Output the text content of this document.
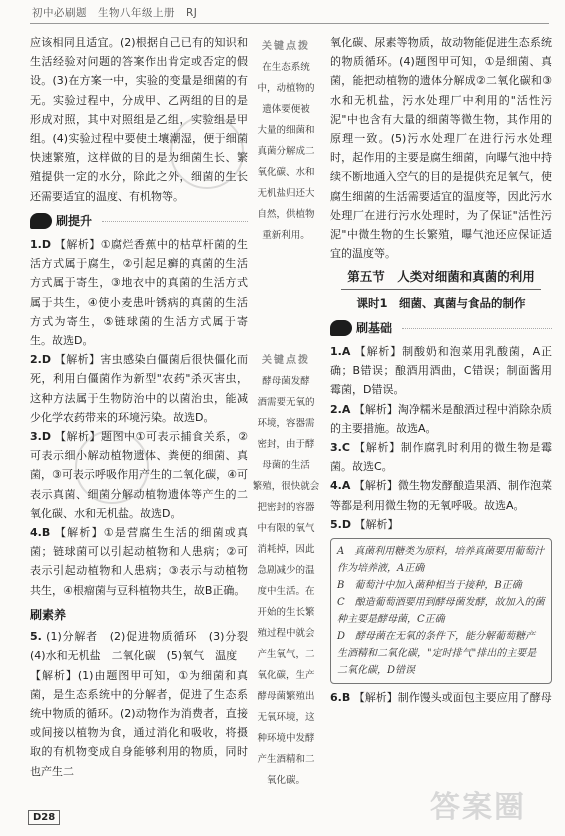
初中必刷题　生物八年级上册　RJ

应该相同且适宜。(2)根据自己已有的知识和生活经验对问题的答案作出肯定或否定的假设。(3)在方案一中，实验的变量是细菌的有无。实验过程中，分成甲、乙两组的目的是形成对照，其中对照组是乙组，实验组是甲组。(4)实验过程中要使土壤潮湿，便于细菌快速繁殖，这样做的目的是为细菌生长、繁殖提供一定的水分，除此之外，细菌的生长还需要适宜的温度、有机物等。

刷提升

1.D 【解析】①腐烂香蕉中的枯草杆菌的生活方式属于腐生，②引起足癣的真菌的生活方式属于寄生，③地衣中的真菌的生活方式属于共生，④使小麦患叶锈病的真菌的生活方式为寄生，⑤链球菌的生活方式属于寄生。故选D。

2.D 【解析】害虫感染白僵菌后很快僵化而死，利用白僵菌作为新型"农药"杀灭害虫，这种方法属于生物防治中的以菌治虫，能减少化学农药带来的环境污染。故选D。

3.D 【解析】题图中①可表示捕食关系，②可表示细小解动植物遗体、粪便的细菌、真菌，③可表示呼吸作用产生的二氧化碳，④可表示真菌、细菌分解动植物遗体等产生的二氧化碳、水和无机盐。故选D。

4.B 【解析】①是营腐生生活的细菌或真菌；链球菌可以引起动植物和人患病；②可表示引起动植物和人患病；③表示与动植物共生，④根瘤菌与豆科植物共生，故B正确。

刷素养

5. (1)分解者　(2)促进物质循环　(3)分裂　(4)水和无机盐　二氧化碳　(5)氧气　温度

【解析】(1)由题图甲可知，①为细菌和真菌，是生态系统中的分解者，促进了生态系统中物质的循环。(2)动物作为消费者，直接或间接以植物为食，通过消化和吸收，将摄取的有机物变成自身能够利用的物质，同时也产生二

关键点拨
在生态系统
中，动植物的
遗体要便被
大量的细菌和
真菌分解成二
氧化碳、水和
无机盐归还大
自然，供植物
重新利用。
关键点拨
酵母菌发酵
酒需要无氧的
环境，容器需
密封，由于酵
母菌的生活
繁殖，很快就会
把密封的容器
中有限的氧气
消耗掉，因此
急剧减少的温
度中生活。在
开始的生长繁
殖过程中就会
产生氧气，二
氧化碳，生产
酵母菌繁殖出
无氧环境，这
种环境中发酵
产生酒精和二
氧化碳。

氧化碳、尿素等物质，故动物能促进生态系统的物质循环。(4)题图甲可知，①是细菌、真菌，能把动植物的遗体分解成②二氧化碳和③水和无机盐，污水处理厂中利用的"活性污泥"中也含有大量的细菌等微生物，其作用的原理一致。(5)污水处理厂在进行污水处理时，起作用的主要是腐生细菌，向曝气池中持续不断地通入空气的目的是提供充足氧气，使腐生细菌的生活需要适宜的温度等，因此污水处理厂在进行污水处理时，为了保证"活性污泥"中微生物的生长繁殖，曝气池还应保证适宜的温度等。

第五节　人类对细菌和真菌的利用
课时1　细菌、真菌与食品的制作
刷基础

1.A 【解析】制酸奶和泡菜用乳酸菌，A正确；B错误；酿酒用酒曲，C错误；制面酱用霉菌，D错误。

2.A 【解析】淘净糯米是酿酒过程中消除杂质的主要措施。故选A。

3.C 【解析】制作腐乳时利用的微生物是霉菌。故选C。

4.A 【解析】微生物发酵酿造果酒、制作泡菜等都是利用微生物的无氧呼吸。故选A。

5.D 【解析】

A　真菌利用糖类为原料，培养真菌要用葡萄汁作为培养液，A正确
B　葡萄汁中加入菌种相当于接种，B正确
C　酿造葡萄酒要用到酵母菌发酵，故加入的菌种主要是酵母菌，C正确
D　酵母菌在无氧的条件下，能分解葡萄糖产生酒精和二氧化碳，"定时排气"排出的主要是二氧化碳，D错误

6.B 【解析】制作馒头或面包主要应用了酵母

答案圈
D28
